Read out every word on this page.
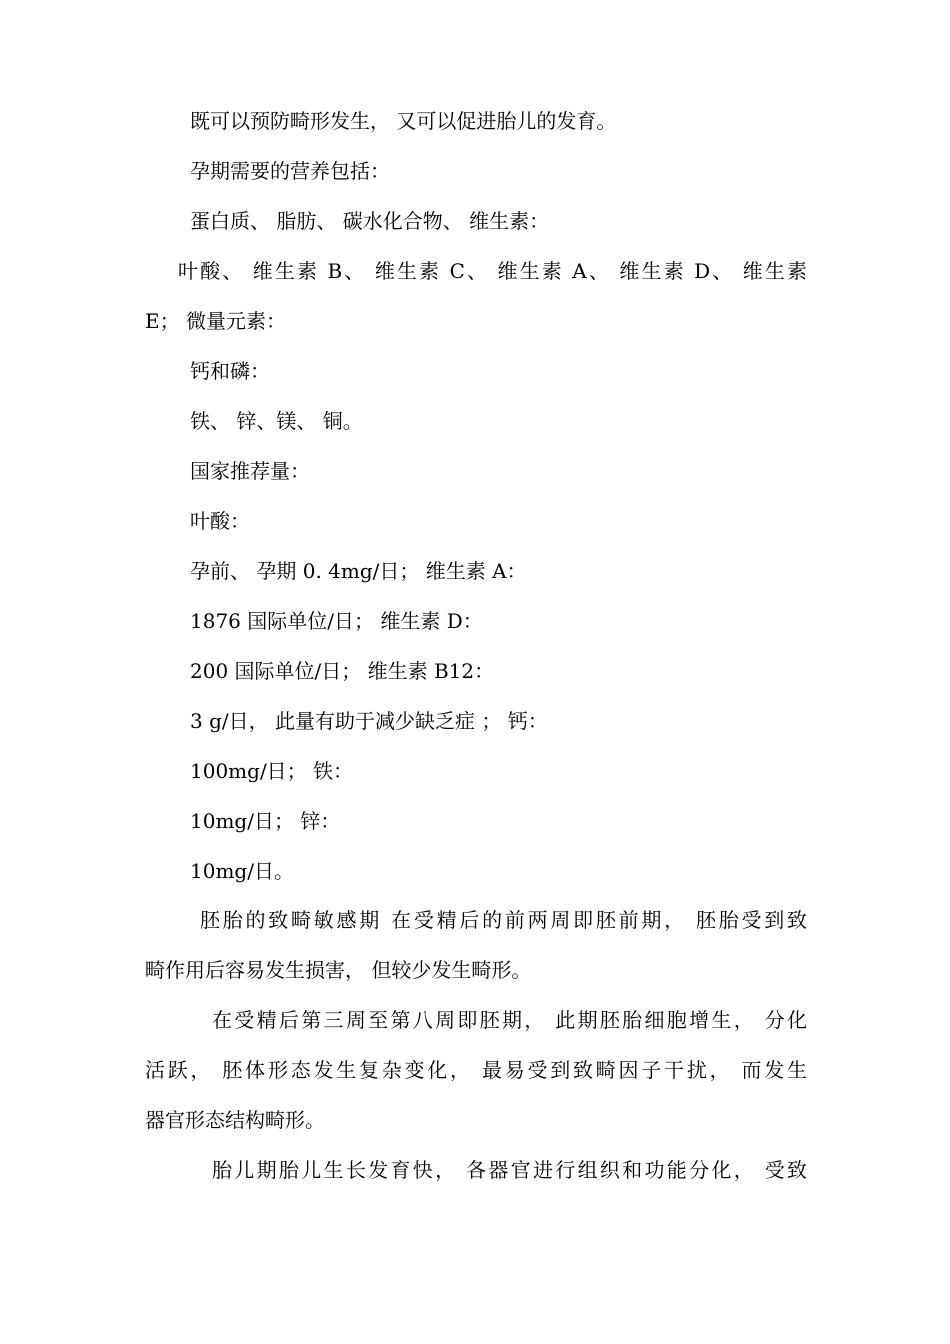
既可以预防畸形发生， 又可以促进胎儿的发育。
孕期需要的营养包括：
蛋白质、 脂肪、 碳水化合物、 维生素：
叶酸、 维生素 B、 维生素 C、 维生素 A、 维生素 D、 维生素
E； 微量元素：
钙和磷：
铁、 锌、镁、 铜。
国家推荐量：
叶酸：
孕前、 孕期 0. 4mg/日； 维生素 A：
1876 国际单位/日； 维生素 D：
200 国际单位/日； 维生素 B12：
3 g/日， 此量有助于减少缺乏症 ； 钙：
100mg/日； 铁：
10mg/日； 锌：
10mg/日。
胚胎的致畸敏感期 在受精后的前两周即胚前期， 胚胎受到致
畸作用后容易发生损害， 但较少发生畸形。
在受精后第三周至第八周即胚期， 此期胚胎细胞增生， 分化
活跃， 胚体形态发生复杂变化， 最易受到致畸因子干扰， 而发生
器官形态结构畸形。
胎儿期胎儿生长发育快， 各器官进行组织和功能分化， 受致
